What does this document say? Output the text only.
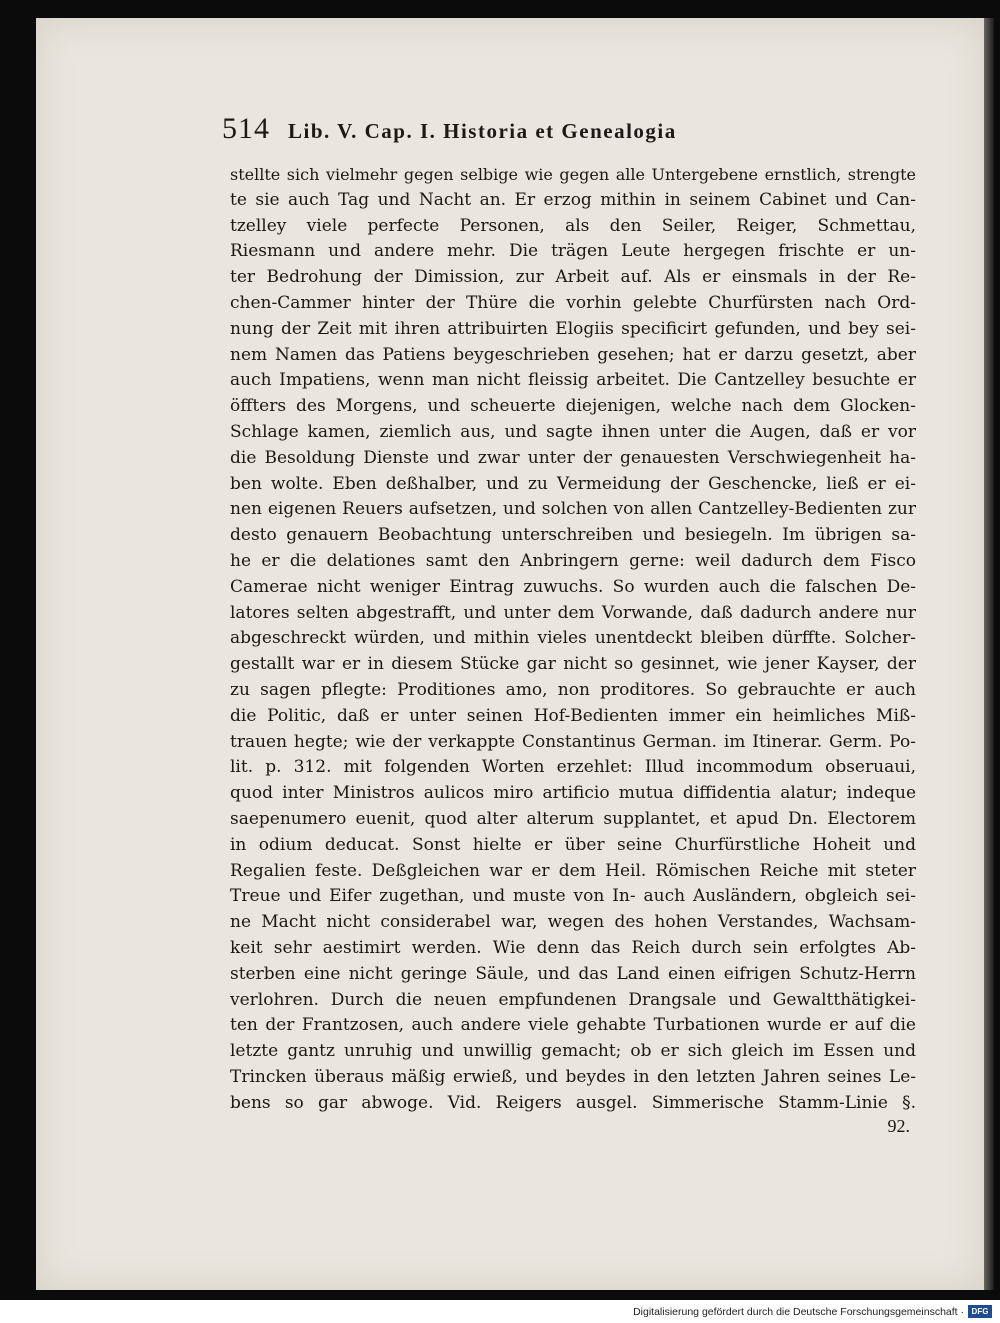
514 Lib. V. Cap. I. Historia et Genealogia
stellte sich vielmehr gegen selbige wie gegen alle Untergebene ernstlich, strengte
te sie auch Tag und Nacht an. Er erzog mithin in seinem Cabinet und Can-
tzelley viele perfecte Personen, als den Seiler, Reiger, Schmettau,
Riesmann und andere mehr. Die trägen Leute hergegen frischte er un-
ter Bedrohung der Dimission, zur Arbeit auf. Als er einsmals in der Re-
chen-Cammer hinter der Thüre die vorhin gelebte Churfürsten nach Ord-
nung der Zeit mit ihren attribuirten Elogiis specificirt gefunden, und bey sei-
nem Namen das Patiens beygeschrieben gesehen; hat er darzu gesetzt, aber
auch Impatiens, wenn man nicht fleissig arbeitet. Die Cantzelley besuchte er
öffters des Morgens, und scheuerte diejenigen, welche nach dem Glocken-
Schlage kamen, ziemlich aus, und sagte ihnen unter die Augen, daß er vor
die Besoldung Dienste und zwar unter der genauesten Verschwiegenheit ha-
ben wolte. Eben deßhalber, und zu Vermeidung der Geschencke, ließ er ei-
nen eigenen Reuers aufsetzen, und solchen von allen Cantzelley-Bedienten zur
desto genauern Beobachtung unterschreiben und besiegeln. Im übrigen sa-
he er die delationes samt den Anbringern gerne: weil dadurch dem Fisco
Camerae nicht weniger Eintrag zuwuchs. So wurden auch die falschen De-
latores selten abgestrafft, und unter dem Vorwande, daß dadurch andere nur
abgeschreckt würden, und mithin vieles unentdeckt bleiben dürffte. Solcher-
gestallt war er in diesem Stücke gar nicht so gesinnet, wie jener Kayser, der
zu sagen pflegte: Proditiones amo, non proditores. So gebrauchte er auch
die Politic, daß er unter seinen Hof-Bedienten immer ein heimliches Miß-
trauen hegte; wie der verkappte Constantinus German. im Itinerar. Germ. Po-
lit. p. 312. mit folgenden Worten erzehlet: Illud incommodum obseruaui,
quod inter Ministros aulicos miro artificio mutua diffidentia alatur; indeque
saepenumero euenit, quod alter alterum supplantet, et apud Dn. Electorem
in odium deducat. Sonst hielte er über seine Churfürstliche Hoheit und
Regalien feste. Deßgleichen war er dem Heil. Römischen Reiche mit steter
Treue und Eifer zugethan, und muste von In- auch Ausländern, obgleich sei-
ne Macht nicht considerabel war, wegen des hohen Verstandes, Wachsam-
keit sehr aestimirt werden. Wie denn das Reich durch sein erfolgtes Ab-
sterben eine nicht geringe Säule, und das Land einen eifrigen Schutz-Herrn
verlohren. Durch die neuen empfundenen Drangsale und Gewaltthätigkei-
ten der Frantzosen, auch andere viele gehabte Turbationen wurde er auf die
letzte gantz unruhig und unwillig gemacht; ob er sich gleich im Essen und
Trincken überaus mäßig erwieß, und beydes in den letzten Jahren seines Le-
bens so gar abwoge. Vid. Reigers ausgel. Simmerische Stamm-Linie §.
92.
Digitalisierung gefördert durch die Deutsche Forschungsgemeinschaft · DFG
